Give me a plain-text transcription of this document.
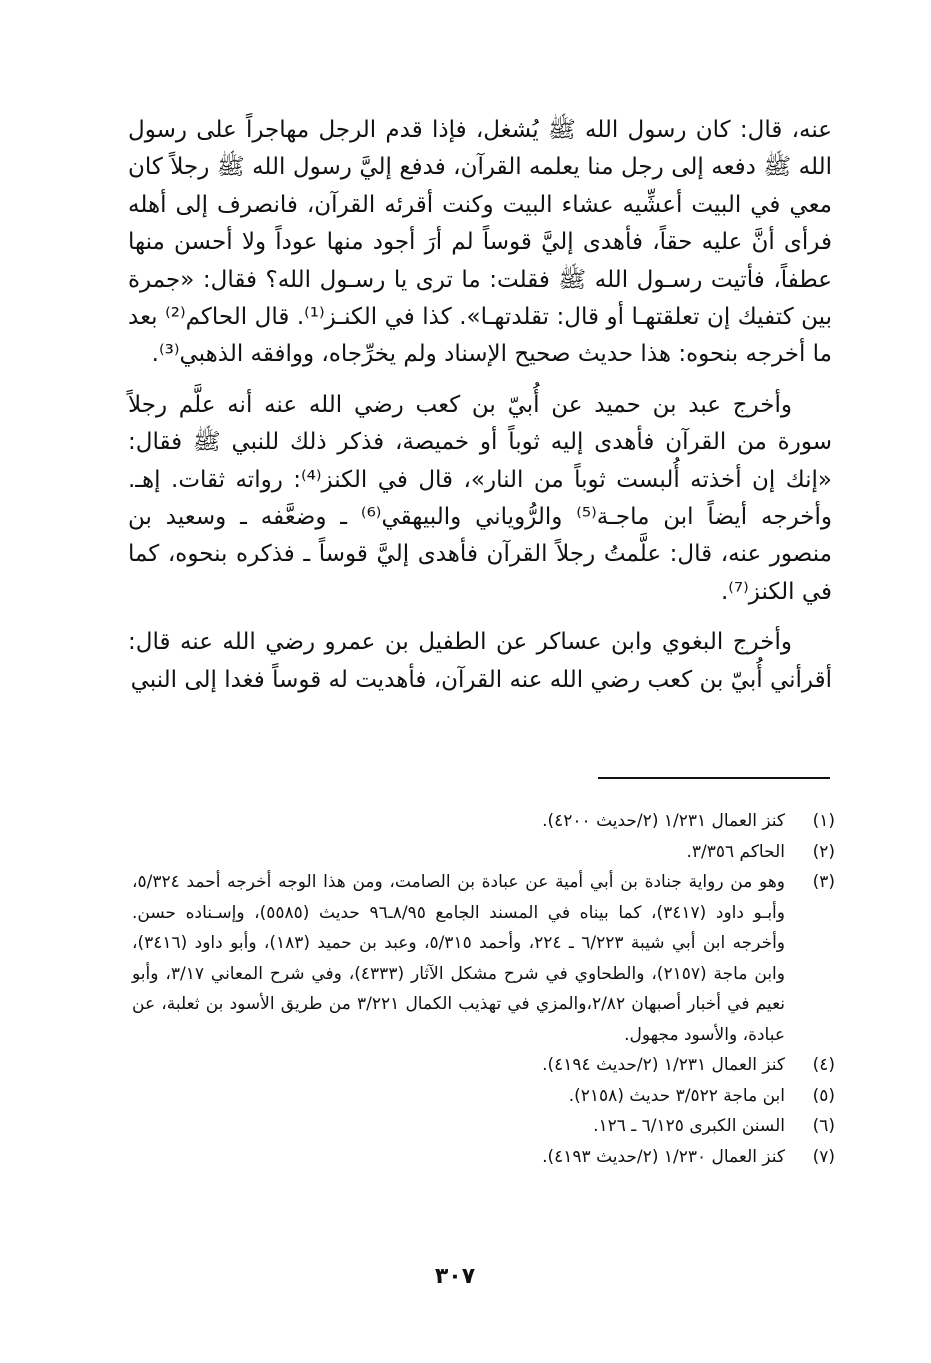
عنه، قال: كان رسول الله ﷺ يُشغل، فإذا قدم الرجل مهاجراً على رسول الله ﷺ دفعه إلى رجل منا يعلمه القرآن، فدفع إليَّ رسول الله ﷺ رجلاً كان معي في البيت أعشِّيه عشاء البيت وكنت أقرئه القرآن، فانصرف إلى أهله فرأى أنَّ عليه حقاً، فأهدى إليَّ قوساً لم أرَ أجود منها عوداً ولا أحسن منها عطفاً، فأتيت رسـول الله ﷺ فقلت: ما ترى يا رسـول الله؟ فقال: «جمرة بين كتفيك إن تعلقتهـا أو قال: تقلدتهـا». كذا في الكنـز⁽¹⁾. قال الحاكم⁽²⁾ بعد ما أخرجه بنحوه: هذا حديث صحيح الإسناد ولم يخرِّجاه، ووافقه الذهبي⁽³⁾.

وأخرج عبد بن حميد عن أُبيّ بن كعب رضي الله عنه أنه علَّم رجلاً سورة من القرآن فأهدى إليه ثوباً أو خميصة، فذكر ذلك للنبي ﷺ فقال: «إنك إن أخذته أُلبست ثوباً من النار»، قال في الكنز⁽⁴⁾: رواته ثقات. إهـ. وأخرجه أيضاً ابن ماجـة⁽⁵⁾ والرُّوياني والبيهقي⁽⁶⁾ ـ وضعَّفه ـ وسعيد بن منصور عنه، قال: علَّمتُ رجلاً القرآن فأهدى إليَّ قوساً ـ فذكره بنحوه، كما في الكنز⁽⁷⁾.

وأخرج البغوي وابن عساكر عن الطفيل بن عمرو رضي الله عنه قال: أقرأني أُبيّ بن كعب رضي الله عنه القرآن، فأهديت له قوساً فغدا إلى النبي

(١)
كنز العمال ١/٢٣١ (٢/حديث ٤٢٠٠).
(٢)
الحاكم ٣/٣٥٦.
(٣)
وهو من رواية جنادة بن أبي أمية عن عبادة بن الصامت، ومن هذا الوجه أخرجه أحمد ٥/٣٢٤، وأبـو داود (٣٤١٧)، كما بيناه في المسند الجامع ٨/٩٥ـ٩٦ حديث (٥٥٨٥)، وإسـناده حسن. وأخرجه ابن أبي شيبة ٦/٢٢٣ ـ ٢٢٤، وأحمد ٥/٣١٥، وعبد بن حميد (١٨٣)، وأبو داود (٣٤١٦)، وابن ماجة (٢١٥٧)، والطحاوي في شرح مشكل الآثار (٤٣٣٣)، وفي شرح المعاني ٣/١٧، وأبو نعيم في أخبار أصبهان ٢/٨٢،والمزي في تهذيب الكمال ٣/٢٢١ من طريق الأسود بن ثعلبة، عن عبادة، والأسود مجهول.
(٤)
كنز العمال ١/٢٣١ (٢/حديث ٤١٩٤).
(٥)
ابن ماجة ٣/٥٢٢ حديث (٢١٥٨).
(٦)
السنن الكبرى ٦/١٢٥ ـ ١٢٦.
(٧)
كنز العمال ١/٢٣٠ (٢/حديث ٤١٩٣).
٣٠٧
